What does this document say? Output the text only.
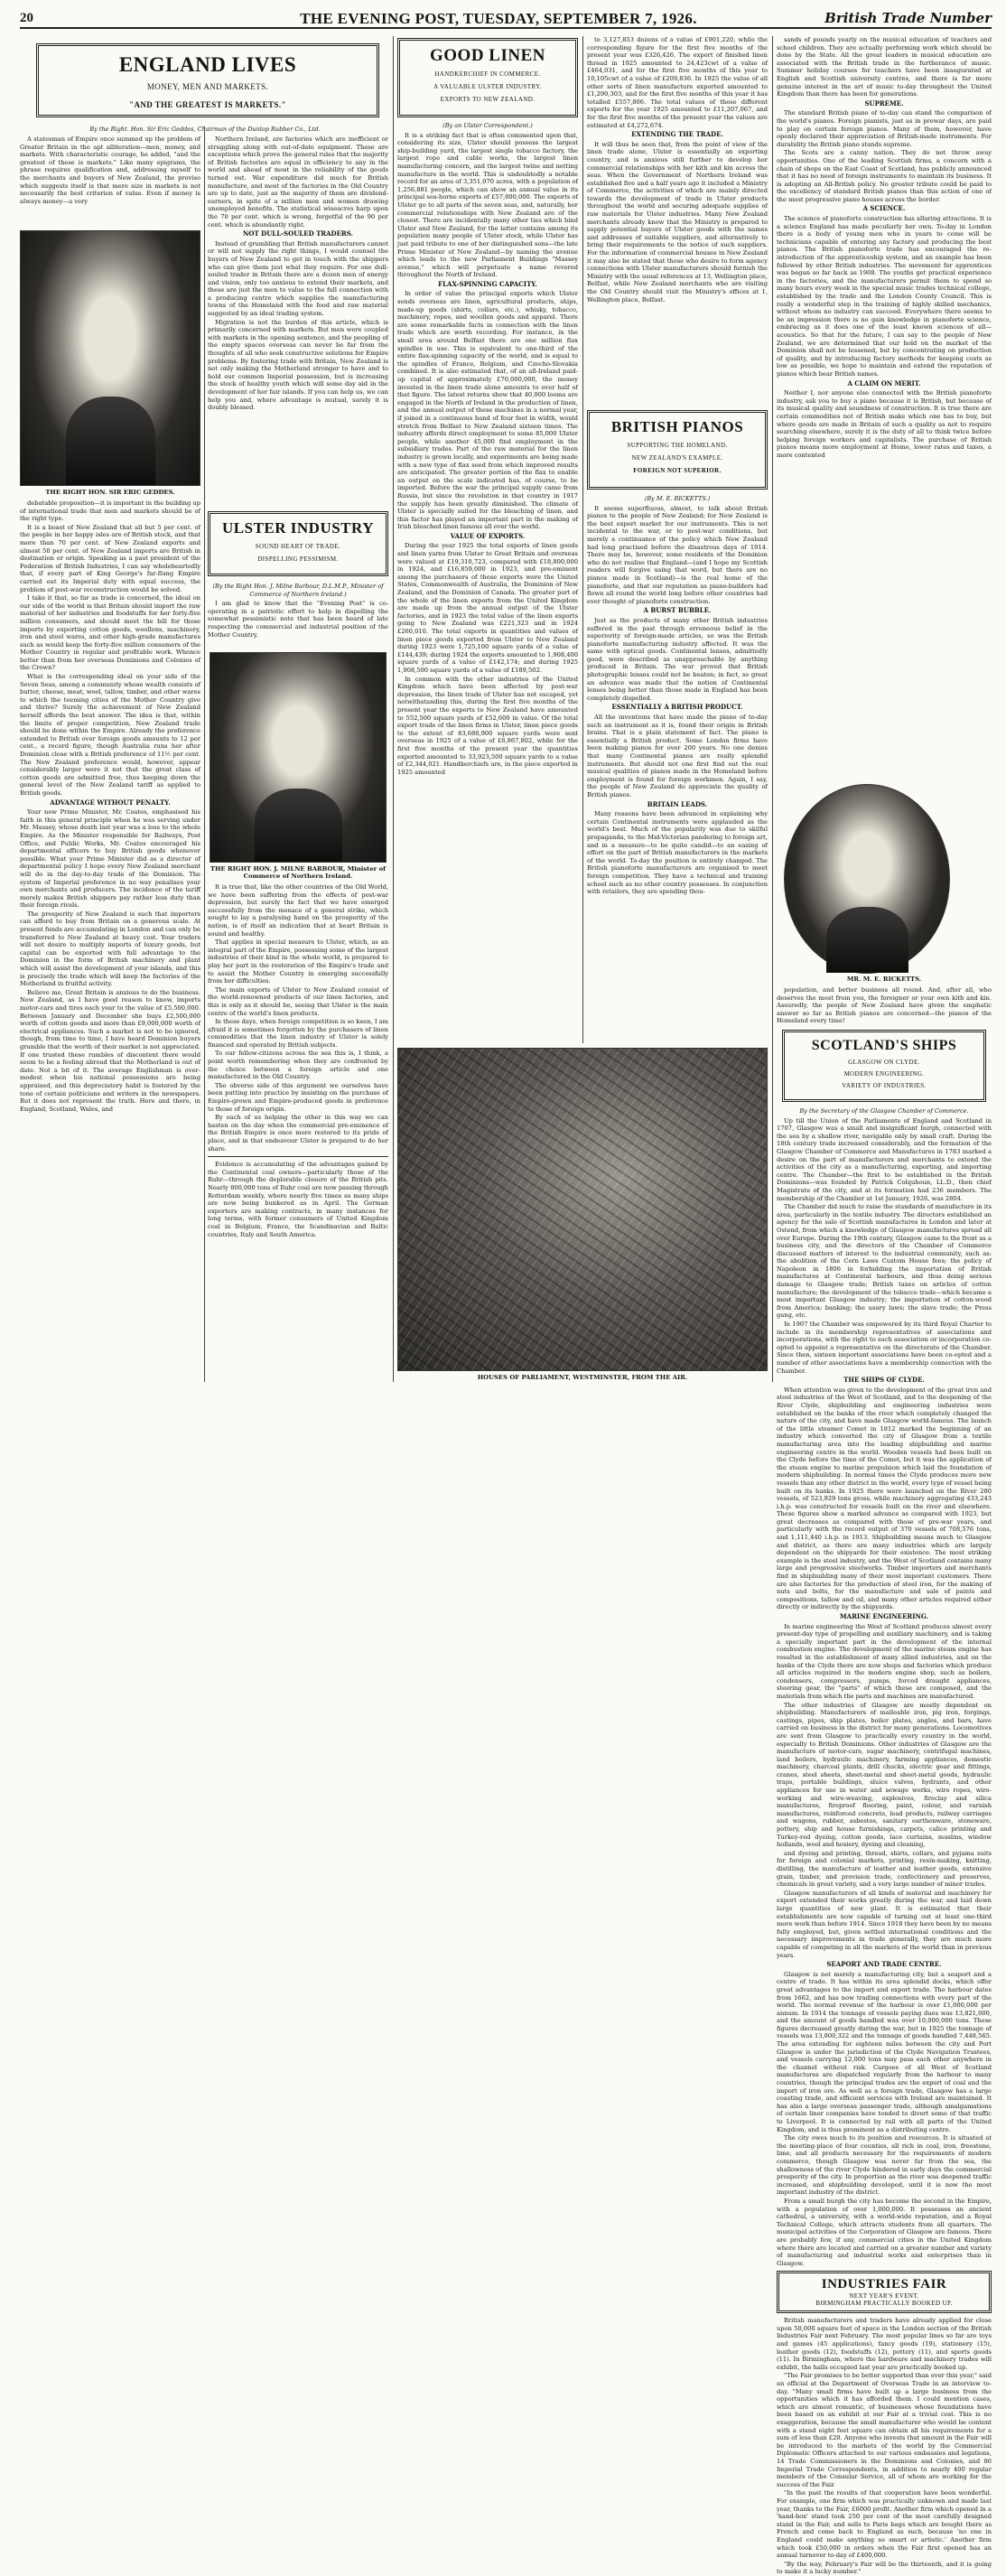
20	THE EVENING POST, TUESDAY, SEPTEMBER 7, 1926.	British Trade Number
ENGLAND LIVES
MONEY, MEN AND MARKETS.
"AND THE GREATEST IS MARKETS."
By the Right. Hon. Sir Eric Geddes, Chairman of the Dunlop Rubber Co., Ltd.

A statesman of Empire once summed up the problem of Greater Britain in the apt alliteration—men, money, and markets. With characteristic courage, he added, "and the greatest of these is markets." Like many epigrams, the phrase requires qualification and, addressing myself to the merchants and buyers of New Zealand, the proviso which suggests itself is that mere size in markets is not necessarily the best criterion of value. Even if money is always money—a very

THE RIGHT HON. SIR ERIC GEDDES.

debatable proposition—it is important in the building up of international trade that men and markets should be of the right type.

It is a boast of New Zealand that all but 5 per cent. of the people in her happy isles are of British stock, and that more than 70 per cent. of New Zealand exports and almost 50 per cent. of New Zealand imports are British in destination or origin. Speaking as a past president of the Federation of British Industries, I can say wholeheartedly that, if every part of King George's far-flung Empire carried out its Imperial duty with equal success, the problem of post-war reconstruction would be solved.

I take it that, so far as trade is concerned, the ideal on our side of the world is that Britain should import the raw material of her industries and foodstuffs for her forty-five million consumers, and should meet the bill for those imports by exporting cotton goods, woollens, machinery, iron and steel wares, and other high-grade manufactures such as would keep the forty-five million consumers of the Mother Country in regular and profitable work. Whence better than from her overseas Dominions and Colonies of the Crown?

What is the corresponding ideal on your side of the Seven Seas, among a community whose wealth consists of butter, cheese, meat, wool, tallow, timber, and other wares to which the teeming cities of the Mother Country give and thrive? Surely the achievement of New Zealand herself affords the best answer. The idea is that, within the limits of proper competition, New Zealand trade should be done within the Empire. Already the preference extended to British over foreign goods amounts to 12 per cent., a record figure, though Australia runs her after Dominion close with a British preference of 11½ per cent. The New Zealand preference would, however, appear considerably larger were it not that the great class of cotton goods are admitted free, thus keeping down the general level of the New Zealand tariff as applied to British goods.

ADVANTAGE WITHOUT PENALTY.

Your new Prime Minister, Mr. Coates, emphasised his faith in this general principle when he was serving under Mr. Massey, whose death last year was a loss to the whole Empire. As the Minister responsible for Railways, Post Office, and Public Works, Mr. Coates encouraged his departmental officers to buy British goods whenever possible. What your Prime Minister did as a director of departmental policy I hope every New Zealand merchant will do in the day-to-day trade of the Dominion. The system of Imperial preference in no way penalises your own merchants and producers. The incidence of the tariff merely makes British shippers pay rather less duty than their foreign rivals.

The prosperity of New Zealand is such that importers can afford to buy from Britain on a generous scale. At present funds are accumulating in London and can only be transferred to New Zealand at heavy cost. Your traders will not desire to multiply imports of luxury goods, but capital can be exported with full advantage to the Dominion in the form of British machinery and plant which will assist the development of your islands, and this is precisely the trade which will keep the factories of the Motherland in fruitful activity.

Believe me, Great Britain is anxious to do the business. New Zealand, as I have good reason to know, imports motor-cars and tires each year to the value of £5,500,000. Between January and December she buys £2,500,000 worth of cotton goods and more than £9,000,000 worth of electrical appliances. Such a market is not to be ignored, though, from time to time, I have heard Dominion buyers grumble that the worth of their market is not appreciated. If one trusted these rumbles of discontent there would seem to be a feeling abroad that the Motherland is out of date. Not a bit of it. The average Englishman is over-modest when his national possessions are being appraised, and this depreciatory habit is fostered by the tone of certain politicians and writers in the newspapers. But it does not represent the truth. Here and there, in England, Scotland, Wales, and

Northern Ireland, are factories which are inefficient or struggling along with out-of-date equipment. These are exceptions which prove the general rules that the majority of British factories are equal in efficiency to any in the world and ahead of most in the reliability of the goods turned out. War expenditure did much for British manufacture, and most of the factories in the Old Country are up to date, just as the majority of them are dividend-earners, in spite of a million men and women drawing unemployed benefits. The statistical wiseacres harp upon the 70 per cent. which is wrong, forgetful of the 90 per cent. which is abundantly right.

NOT DULL-SOULED TRADERS.

Instead of grumbling that British manufacturers cannot or will not supply the right things, I would counsel the buyers of New Zealand to get in touch with the shippers who can give them just what they require. For one dull-souled trader in Britain there are a dozen men of energy and vision, only too anxious to extend their markets, and these are just the men to value to the full connection with a producing centre which supplies the manufacturing towns of the Homeland with the food and raw material suggested by an ideal trading system.

Migration is not the burden of this article, which is primarily concerned with markets. But men were coupled with markets in the opening sentence, and the peopling of the empty spaces overseas can never be far from the thoughts of all who seek constructive solutions for Empire problems. By fostering trade with Britain, New Zealand is not only making the Motherland stronger to have and to hold our common Imperial possession, but is increasing the stock of healthy youth which will some day aid in the development of her fair islands. If you can help us, we can help you and, where advantage is mutual, surely it is doubly blessed.

ULSTER INDUSTRY
SOUND HEART OF TRADE.
DISPELLING PESSIMISM.
(By the Right Hon. J. Milne Barbour, D.L.M.P., Minister of Commerce of Northern Ireland.)

I am glad to know that the "Evening Post" is co-operating in a patriotic effort to help in dispelling the somewhat pessimistic note that has been heard of late respecting the commercial and industrial position of the Mother Country.

THE RIGHT HON. J. MILNE BARBOUR, Minister of Commerce of Northern Ireland.

It is true that, like the other countries of the Old World, we have been suffering from the effects of post-war depression, but surely the fact that we have emerged successfully from the menace of a general strike, which sought to lay a paralysing hand on the prosperity of the nation, is of itself an indication that at heart Britain is sound and healthy.

That applies in special measure to Ulster, which, as an integral part of the Empire, possessing some of the largest industries of their kind in the whole world, is prepared to play her part in the restoration of the Empire's trade and to assist the Mother Country in emerging successfully from her difficulties.

The main exports of Ulster to New Zealand consist of the world-renowned products of our linen factories, and this is only as it should be, seeing that Ulster is the main centre of the world's linen products.

In these days, when foreign competition is so keen, I am afraid it is sometimes forgotten by the purchasers of linen commodities that the linen industry of Ulster is solely financed and operated by British subjects.

To our fellow-citizens across the sea this is, I think, a point worth remembering when they are confronted by the choice between a foreign article and one manufactured in the Old Country.

The obverse side of this argument we ourselves have been putting into practice by insisting on the purchase of Empire-grown and Empire-produced goods in preference to those of foreign origin.

By each of us helping the other in this way we can hasten on the day when the commercial pre-eminence of the British Empire is once more restored to its pride of place, and in that endeavour Ulster is prepared to do her share.

Evidence is accumulating of the advantages gained by the Continental coal owners—particularly those of the Ruhr—through the deplorable closure of the British pits. Nearly 800,000 tons of Ruhr coal are now passing through Rotterdam weekly, where nearly five times as many ships are now being bunkered as in April. The German exporters are making contracts, in many instances for long terms, with former consumers of United Kingdom coal in Belgium, France, the Scandinavian and Baltic countries, Italy and South America.

GOOD LINEN
HANDKERCHIEF IN COMMERCE.
A VALUABLE ULSTER INDUSTRY.
EXPORTS TO NEW ZEALAND.
(By an Ulster Correspondent.)

It is a striking fact that is often commented upon that, considering its size, Ulster should possess the largest ship-building yard, the largest single tobacco factory, the largest rope and cable works, the largest linen manufacturing concern, and the largest twine and netting manufacture in the world. This is undoubtedly a notable record for an area of 3,351,070 acres, with a population of 1,256,881 people, which can show an annual value in its principal sea-borne exports of £57,800,000. The exports of Ulster go to all parts of the seven seas, and, naturally, her commercial relationships with New Zealand are of the closest. There are incidentally many other ties which bind Ulster and New Zealand, for the latter contains among its population many people of Ulster stock, while Ulster has just paid tribute to one of her distinguished sons—the late Prime Minister of New Zealand—by naming the avenue which leads to the new Parliament Buildings "Massey avenue," which will perpetuate a name revered throughout the North of Ireland.

FLAX-SPINNING CAPACITY.

In order of value the principal exports which Ulster sends overseas are linen, agricultural products, ships, made-up goods (shirts, collars, etc.), whisky, tobacco, machinery, ropes, and woollen goods and apparel. There are some remarkable facts in connection with the linen trade which are worth recording. For instance, in the small area around Belfast there are one million flax spindles in use. This is equivalent to one-third of the entire flax-spinning capacity of the world, and is equal to the spindles of France, Belgium, and Czecho-Slovakia combined. It is also estimated that, of an all-Ireland paid-up capital of approximately £70,000,000, the money invested in the linen trade alone amounts to over half of that figure. The latest returns show that 40,000 looms are engaged in the North of Ireland in the production of linen, and the annual output of these machines in a normal year, if joined in a continuous band of four feet in width, would stretch from Belfast to New Zealand sixteen times. The industry affords direct employment to some 85,000 Ulster people, while another 45,000 find employment in the subsidiary trades. Part of the raw material for the linen industry is grown locally, and experiments are being made with a new type of flax seed from which improved results are anticipated. The greater portion of the flax to enable an output on the scale indicated has, of course, to be imported. Before the war the principal supply came from Russia, but since the revolution in that country in 1917 the supply has been greatly diminished. The climate of Ulster is specially suited for the bleaching of linen, and this factor has played an important part in the making of Irish bleached linen famous all over the world.

VALUE OF EXPORTS.

During the year 1925 the total exports of linen goods and linen yarns from Ulster to Great Britain and overseas were valued at £19,310,723, compared with £18,800,000 in 1924, and £16,859,000 in 1923, and pre-eminent among the purchasers of these exports were the United States, Commonwealth of Australia, the Dominion of New Zealand, and the Dominion of Canada. The greater part of the whole of the linen exports from the United Kingdom are made up from the annual output of the Ulster factories, and in 1923 the total value of the linen exports going to New Zealand was £221,323 and in 1924 £260,010. The total exports in quantities and values of linen piece goods exported from Ulster to New Zealand during 1923 were 1,725,100 square yards of a value of £144,439; during 1924 the exports amounted to 1,908,400 square yards of a value of £142,174; and during 1925 1,908,500 square yards of a value of £189,502.

In common with the other industries of the United Kingdom which have been affected by post-war depression, the linen trade of Ulster has not escaped, yet notwithstanding this, during the first five months of the present year the exports to New Zealand have amounted to 552,500 square yards of £52,600 in value. Of the total export trade of the linen firms in Ulster, linen piece goods to the extent of 83,680,900 square yards were sent overseas in 1925 of a value of £6,867,802, while for the first five months of the present year the quantities exported amounted to 33,923,500 square yards to a value of £2,344,021. Handkerchiefs are, in the piece exported in 1925 amounted

to 3,127,853 dozens of a value of £901,220, while the corresponding figure for the first five months of the present year was £326,426. The export of finished linen thread in 1925 amounted to 24,423cwt of a value of £464,031, and for the first five months of this year to 10,105cwt of a value of £209,836. In 1925 the value of all other sorts of linen manufacture exported amounted to £1,290,303, and for the first five months of this year it has totalled £557,806. The total values of these different exports for the year 1925 amounted to £11,207,067, and for the first five months of the present year the values are estimated at £4,272,674.

EXTENDING THE TRADE.

It will thus be seen that, from the point of view of the linen trade alone, Ulster is essentially an exporting country, and is anxious still further to develop her commercial relationships with her kith and kin across the seas. When the Government of Northern Ireland was established five and a half years ago it included a Ministry of Commerce, the activities of which are mainly directed towards the development of trade in Ulster products throughout the world and securing adequate supplies of raw materials for Ulster industries. Many New Zealand merchants already know that the Ministry is prepared to supply potential buyers of Ulster goods with the names and addresses of suitable suppliers, and alternatively to bring their requirements to the notice of such suppliers. For the information of commercial houses in New Zealand it may also be stated that those who desire to form agency connections with Ulster manufacturers should furnish the Ministry with the usual references at 13, Wellington place, Belfast, while New Zealand merchants who are visiting the Old Country should visit the Ministry's offices at 1, Wellington place, Belfast.

BRITISH PIANOS
SUPPORTING THE HOMELAND.
NEW ZEALAND'S EXAMPLE.
FOREIGN NOT SUPERIOR.
(By M. E. RICKETTS.)

It seems superfluous, almost, to talk about British pianos to the people of New Zealand; for New Zealand is the best export market for our instruments. This is not incidental to the war, or to post-war conditions, but merely a continuance of the policy which New Zealand had long practised before the disastrous days of 1914. There may be, however, some residents of the Dominion who do not realise that England—(and I hope my Scottish readers will forgive using that word, but there are no pianos made in Scotland)—is the real home of the pianoforte, and that our reputation as piano-builders had flown all round the world long before other countries had ever thought of pianoforte construction.

A BURST BUBBLE.

Just as the products of many other British industries suffered in the past through erroneous belief in the superiority of foreign-made articles, so was the British pianoforte manufacturing industry affected. It was the same with optical goods. Continental lenses, admittedly good, were described as unapproachable by anything produced in Britain. The war proved that British photographic lenses could not be beaten; in fact, so great an advance was made that the notion of Continental lenses being better than those made in England has been completely dispelled.

ESSENTIALLY A BRITISH PRODUCT.

All the inventions that have made the piano of to-day such an instrument as it is, found their origin in British brains. That is a plain statement of fact. The piano is essentially a British product. Some London firms have been making pianos for over 200 years. No one denies that many Continental pianos are really splendid instruments. But should not one first find out the real musical qualities of pianos made in the Homeland before employment is found for foreign workmen. Again, I say, the people of New Zealand do appreciate the quality of British pianos.

BRITAIN LEADS.

Many reasons have been advanced in explaining why certain Continental instruments were applauded as the world's best. Much of the popularity was due to skilful propaganda, to the Mid-Victorian pandering to foreign art, and in a measure—to be quite candid—to an easing of effort on the part of British manufacturers in the markets of the world. To-day the position is entirely changed. The British pianoforte manufacturers are organised to meet foreign competition. They have a technical and training school such as no other country possesses. In conjunction with retailers, they are spending thou-

sands of pounds yearly on the musical education of teachers and school children. They are actually performing work which should be done by the State. All the great leaders in musical education are associated with the British trade in the furtherance of music. Summer holiday courses for teachers have been inaugurated at English and Scottish university centres, and there is far more genuine interest in the art of music to-day throughout the United Kingdom than there has been for generations.

SUPREME.

The standard British piano of to-day can stand the comparison of the world's pianos. Foreign pianists, just as in prewar days, are paid to play on certain foreign pianos. Many of them, however, have openly declared their appreciation of British-made instruments. For durability the British piano stands supreme.

The Scots are a canny nation. They do not throw away opportunities. One of the leading Scottish firms, a concern with a chain of shops on the East Coast of Scotland, has publicly announced that it has no need of foreign instruments to maintain its business. It is adopting an All-British policy. No greater tribute could be paid to the excellency of standard British pianos than this action of one of the most progressive piano houses across the border.

A SCIENCE.

The science of pianoforte construction has alluring attractions. It is a science England has made peculiarly her own. To-day in London there is a body of young men who in years to come will be technicians capable of entering any factory and producing the best pianos. The British pianoforte trade has encouraged the re-introduction of the apprenticeship system, and an example has been followed by other British industries. The movement for apprentices was begun so far back as 1908. The youths get practical experience in the factories, and the manufacturers permit them to spend so many hours every week in the special music trades technical college, established by the trade and the London County Council. This is really a wonderful step in the training of highly skilled mechanics, without whom no industry can succeed. Everywhere there seems to be an impression there is no gain knowledge in pianoforte science, embracing as it does one of the least known sciences of all—acoustics. So that for the future, I can say to the people of New Zealand, we are determined that our hold on the market of the Dominion shall not be lessened, but by concentrating on production of quality, and by introducing factory methods for keeping costs as low as possible, we hope to maintain and extend the reputation of pianos which bear British names.

A CLAIM ON MERIT.

Neither I, nor anyone else connected with the British pianoforte industry, ask you to buy a piano because it is British, but because of its musical quality and soundness of construction. It is true there are certain commodities not of British make which one has to buy, but where goods are made in Britain of such a quality as not to require searching elsewhere, surely it is the duty of all to think twice before helping foreign workers and capitalists. The purchase of British pianos means more employment at Home, lower rates and taxes, a more contented

MR. M. E. RICKETTS.

population, and better business all round. And, after all, who deserves the most from you, the foreigner or your own kith and kin. Assuredly, the people of New Zealand have given the emphatic answer so far as British pianos are concerned—the pianos of the Homeland every time!

HOUSES OF PARLIAMENT, WESTMINSTER, FROM THE AIR.
SCOTLAND'S SHIPS
GLASGOW ON CLYDE.
MODERN ENGINEERING.
VARIETY OF INDUSTRIES.
By the Secretary of the Glasgow Chamber of Commerce.

Up till the Union of the Parliaments of England and Scotland in 1707, Glasgow was a small and insignificant burgh, connected with the sea by a shallow river, navigable only by small craft. During the 18th century trade increased considerably, and the formation of the Glasgow Chamber of Commerce and Manufactures in 1783 marked a desire on the part of manufacturers and merchants to extend the activities of the city as a manufacturing, exporting, and importing centre. The Chamber—the first to be established in the British Dominions—was founded by Patrick Colquhoun, LL.D., then chief Magistrate of the city, and at its formation had 236 members. The membership of the Chamber at 1st January, 1926, was 2804.

The Chamber did much to raise the standards of manufacture in its area, particularly in the textile industry. The directors established an agency for the sale of Scottish manufactures in London and later at Ostend, from which a knowledge of Glasgow manufactures spread all over Europe. During the 19th century, Glasgow came to the front as a business city, and the directors of the Chamber of Commerce discussed matters of interest to the industrial community, such as: the abolition of the Corn Laws Custom House fees; the policy of Napoleon in 1806 in forbidding the importation of British manufactures at Continental harbours, and thus doing serious damage to Glasgow trade; British taxes on articles of cotton manufacture; the development of the tobacco trade—which became a most important Glasgow industry; the importation of cotton-wood from America; banking; the usury laws; the slave trade; the Press gang, etc.

In 1907 the Chamber was empowered by its third Royal Charter to include in its membership representatives of associations and incorporations, with the right to such association or incorporation co-opted to appoint a representative on the directorate of the Chamber. Since then, sixteen important associations have been co-opted and a number of other associations have a membership connection with the Chamber.

THE SHIPS OF CLYDE.

When attention was given to the development of the great iron and steel industries of the West of Scotland, and to the deepening of the River Clyde, shipbuilding and engineering industries were established on the banks of the river which completely changed the nature of the city, and have made Glasgow world-famous. The launch of the little steamer Comet in 1812 marked the beginning of an industry which converted the city of Glasgow from a textile manufacturing area into the leading shipbuilding and marine engineering centre in the world. Wooden vessels had been built on the Clyde before the time of the Comet, but it was the application of the steam engine to marine propulsion which laid the foundation of modern shipbuilding. In normal times the Clyde produces more new vessels than any other district in the world, every type of vessel being built on its banks. In 1925 there were launched on the River 280 vessels, of 523,929 tons gross, while machinery aggregating 433,243 i.h.p. was constructed for vessels built on the river and elsewhere. These figures show a marked advance as compared with 1923, but great decreases as compared with those of pre-war years, and particularly with the record output of 370 vessels of 708,576 tons, and 1,111,440 i.h.p. in 1913. Shipbuilding means much to Glasgow and district, as there are many industries which are largely dependent on the shipyards for their existence. The most striking example is the steel industry, and the West of Scotland contains many large and progressive steelworks. Timber importers and merchants find in shipbuilding many of their most important customers. There are also factories for the production of steel iron, for the making of nuts and bolts, for the manufacture and sale of paints and compositions, tallow and oil, and many other articles required either directly or indirectly by the shipyards.

MARINE ENGINEERING.

In marine engineering the West of Scotland produces almost every present-day type of propelling and auxiliary machinery, and is taking a specially important part in the development of the internal combustion engine. The development of the marine steam engine has resulted in the establishment of many allied industries, and on the banks of the Clyde there are now shops and factories which produce all articles required in the modern engine shop, such as boilers, condensers, compressors, pumps, forced draught appliances, steering gear, the "parts" of which these are composed, and the materials from which the parts and machines are manufactured.

The other industries of Glasgow are mostly dependent on shipbuilding. Manufacturers of malleable iron, pig iron, forgings, castings, pipes, ship plates, boiler plates, angles, and bars, have carried on business in the district for many generations. Locomotives are sent from Glasgow to practically every country in the world, especially to British Dominions. Other industries of Glasgow are the manufacture of motor-cars, sugar machinery, centrifugal machines, land boilers, hydraulic machinery, farming appliances, domestic machinery, charcoal plants, drill chucks, electric gear and fittings, cranes, steel sheets, sheet-metal and sheet-metal goods, hydraulic traps, portable buildings, sluice valves, hydrants, and other appliances for use in water and sewage works, wire ropes, wire-working and wire-weaving, explosives, fireclay and silica manufactures, fireproof flooring, paint, colour, and varnish manufactures, reinforced concrete, lead products, railway carriages and wagons, rubber, asbestos, sanitary earthenware, stoneware, pottery, ship and house furnishings, carpets, calico printing and Turkey-red dyeing, cotton goods, lace curtains, muslins, window hollands, wool and hosiery, dyeing and cleaning,

and dyeing and printing, thread, shirts, collars, and pyjama suits for foreign and colonial markets, printing, resin-making, knitting, distilling, the manufacture of leather and leather goods, extensive grain, timber, and provision trade, confectionery and preserves, chemicals in great variety, and a very large number of minor trades.

Glasgow manufacturers of all kinds of material and machinery for export extended their works greatly during the war, and laid down large quantities of new plant. It is estimated that their establishments are now capable of turning out at least one-third more work than before 1914. Since 1918 they have been by no means fully employed, but, given settled international conditions and the necessary improvements in trade generally, they are much more capable of competing in all the markets of the world than in previous years.

SEAPORT AND TRADE CENTRE.

Glasgow is not merely a manufacturing city, but a seaport and a centre of trade. It has within its area splendid docks, which offer great advantages to the import and export trade. The harbour dates from 1662, and has now trading connections with every part of the world. The normal revenue of the harbour is over £1,000,000 per annum. In 1914 the tonnage of vessels paying dues was 13,821,000, and the amount of goods handled was over 10,000,000 tons. These figures decreased greatly during the war, but in 1925 the tonnage of vessels was 13,800,322 and the tonnage of goods handled 7,448,565. The area extending for eighteen miles between the city and Port Glasgow is under the jurisdiction of the Clyde Navigation Trustees, and vessels carrying 12,000 tons may pass each other anywhere in the channel without risk. Cargoes of all West of Scotland manufactures are dispatched regularly from the harbour to many countries, though the principal trades are the export of coal and the import of iron ore. As well as a foreign trade, Glasgow has a large coasting trade, and efficient services with Ireland are maintained. It has also a large overseas passenger trade, although amalgamations of certain liner companies have tended to divert some of that traffic to Liverpool. It is connected by rail with all parts of the United Kingdom, and is thus prominent as a distributing centre.

The city owes much to its position and resources. It is situated at the meeting-place of four counties, all rich in coal, iron, freestone, lime, and all products necessary for the requirements of modern commerce, though Glasgow was never far from the sea, the shallowness of the river Clyde hindered in early days the commercial prosperity of the city. In proportion as the river was deepened traffic increased, and shipbuilding developed, until it is now the most important industry of the district.

From a small burgh the city has become the second in the Empire, with a population of over 1,000,000. It possesses an ancient cathedral, a university, with a world-wide reputation, and a Royal Technical College, which attracts students from all quarters. The municipal activities of the Corporation of Glasgow are famous. There are probably few, if any, commercial cities in the United Kingdom where there are located and carried on a greater number and variety of manufacturing and industrial works and enterprises than in Glasgow.

INDUSTRIES FAIR
NEXT YEAR'S EVENT.
BIRMINGHAM PRACTICALLY BOOKED UP.

British manufacturers and traders have already applied for close upon 50,000 square feet of space in the London section of the British Industries Fair next February. The most popular lines so far are toys and games (45 applications), fancy goods (19), stationery (15), leather goods (12), foodstuffs (12), pottery (11), and sports goods (11). In Birmingham, where the hardware and machinery trades will exhibit, the halls occupied last year are practically booked up.

"The Fair promises to be better supported than ever this year," said an official at the Department of Overseas Trade in an interview to-day. "Many small firms have built up a large business from the opportunities which it has afforded them. I could mention cases, which are almost romantic, of businesses whose foundations have been based on an exhibit at our Fair at a trivial cost. This is no exaggeration, because the small manufacturer who would be content with a stand eight feet square can obtain all his requirements for a sum of less than £20. Anyone who invests that amount in the Fair will be introduced to the markets of the world by the Commercial Diplomatic Officers attached to our various embassies and legations, 14 Trade Commissioners in the Dominions and Colonies, and 86 Imperial Trade Correspondents, in addition to nearly 400 regular members of the Consular Service, all of whom are working for the success of the Fair.

"In the past the results of that cooperation have been wonderful. For example, one firm which was practically unknown and made last year, thanks to the Fair, £6000 profit. Another firm which opened in a 'hand-box' stand took 250 per cent of the most carefully designed stand in the Fair, and sells to Paris bags which are bought there as French and come back to England as such, because 'no one in England could make anything so smart or artistic.' Another firm which took £50,000 in orders when the Fair first opened has an annual turnover to-day of £400,000.

"By the way, February's Fair will be the thirteenth, and it is going to make it a lucky number."
